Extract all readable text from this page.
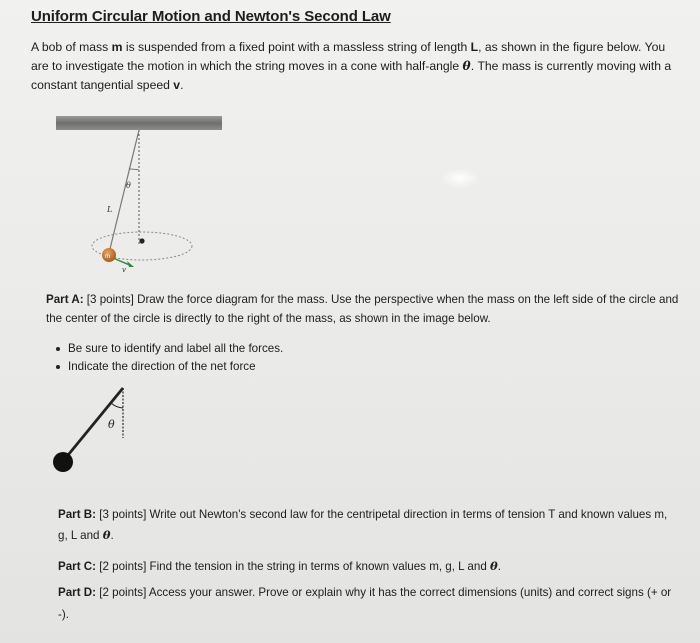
Uniform Circular Motion and Newton's Second Law
A bob of mass m is suspended from a fixed point with a massless string of length L, as shown in the figure below. You are to investigate the motion in which the string moves in a cone with half-angle θ. The mass is currently moving with a constant tangential speed v.
θ
L
m
v
Part A: [3 points] Draw the force diagram for the mass. Use the perspective when the mass on the left side of the circle and the center of the circle is directly to the right of the mass, as shown in the image below.
Be sure to identify and label all the forces.
Indicate the direction of the net force
θ
Part B: [3 points] Write out Newton's second law for the centripetal direction in terms of tension T and known values m, g, L and θ.
Part C: [2 points] Find the tension in the string in terms of known values m, g, L and θ.
Part D: [2 points] Access your answer. Prove or explain why it has the correct dimensions (units) and correct signs (+ or -).
